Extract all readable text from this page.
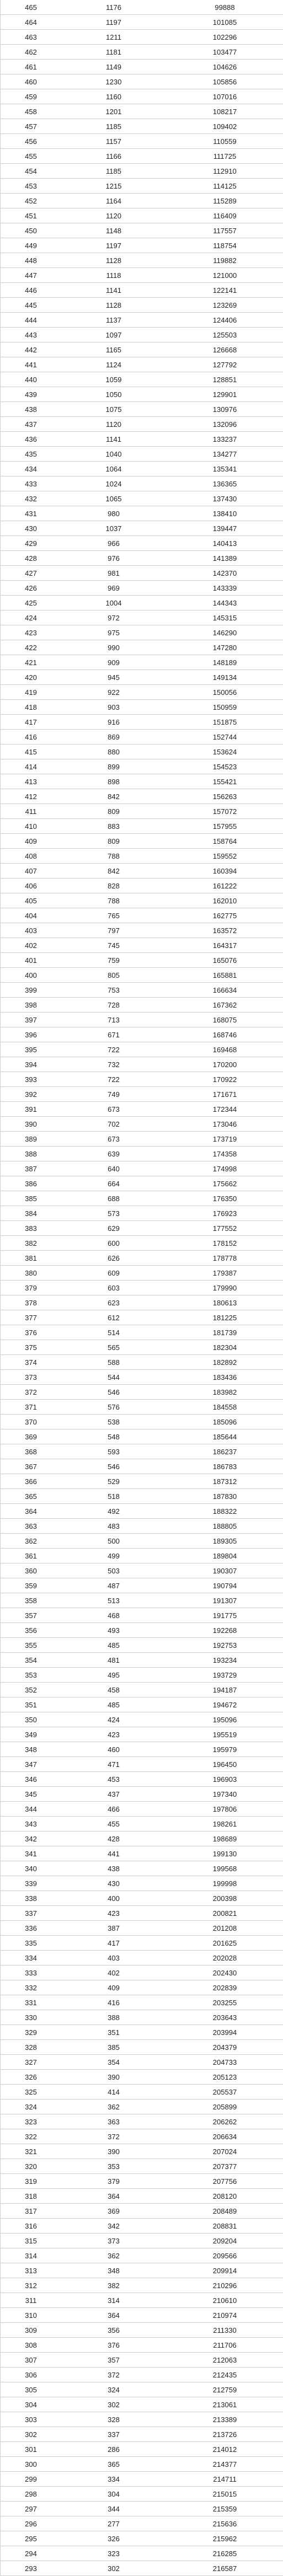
465	1176	99888
464	1197	101085
463	1211	102296
462	1181	103477
461	1149	104626
460	1230	105856
459	1160	107016
458	1201	108217
457	1185	109402
456	1157	110559
455	1166	111725
454	1185	112910
453	1215	114125
452	1164	115289
451	1120	116409
450	1148	117557
449	1197	118754
448	1128	119882
447	1118	121000
446	1141	122141
445	1128	123269
444	1137	124406
443	1097	125503
442	1165	126668
441	1124	127792
440	1059	128851
439	1050	129901
438	1075	130976
437	1120	132096
436	1141	133237
435	1040	134277
434	1064	135341
433	1024	136365
432	1065	137430
431	980	138410
430	1037	139447
429	966	140413
428	976	141389
427	981	142370
426	969	143339
425	1004	144343
424	972	145315
423	975	146290
422	990	147280
421	909	148189
420	945	149134
419	922	150056
418	903	150959
417	916	151875
416	869	152744
415	880	153624
414	899	154523
413	898	155421
412	842	156263
411	809	157072
410	883	157955
409	809	158764
408	788	159552
407	842	160394
406	828	161222
405	788	162010
404	765	162775
403	797	163572
402	745	164317
401	759	165076
400	805	165881
399	753	166634
398	728	167362
397	713	168075
396	671	168746
395	722	169468
394	732	170200
393	722	170922
392	749	171671
391	673	172344
390	702	173046
389	673	173719
388	639	174358
387	640	174998
386	664	175662
385	688	176350
384	573	176923
383	629	177552
382	600	178152
381	626	178778
380	609	179387
379	603	179990
378	623	180613
377	612	181225
376	514	181739
375	565	182304
374	588	182892
373	544	183436
372	546	183982
371	576	184558
370	538	185096
369	548	185644
368	593	186237
367	546	186783
366	529	187312
365	518	187830
364	492	188322
363	483	188805
362	500	189305
361	499	189804
360	503	190307
359	487	190794
358	513	191307
357	468	191775
356	493	192268
355	485	192753
354	481	193234
353	495	193729
352	458	194187
351	485	194672
350	424	195096
349	423	195519
348	460	195979
347	471	196450
346	453	196903
345	437	197340
344	466	197806
343	455	198261
342	428	198689
341	441	199130
340	438	199568
339	430	199998
338	400	200398
337	423	200821
336	387	201208
335	417	201625
334	403	202028
333	402	202430
332	409	202839
331	416	203255
330	388	203643
329	351	203994
328	385	204379
327	354	204733
326	390	205123
325	414	205537
324	362	205899
323	363	206262
322	372	206634
321	390	207024
320	353	207377
319	379	207756
318	364	208120
317	369	208489
316	342	208831
315	373	209204
314	362	209566
313	348	209914
312	382	210296
311	314	210610
310	364	210974
309	356	211330
308	376	211706
307	357	212063
306	372	212435
305	324	212759
304	302	213061
303	328	213389
302	337	213726
301	286	214012
300	365	214377
299	334	214711
298	304	215015
297	344	215359
296	277	215636
295	326	215962
294	323	216285
293	302	216587
